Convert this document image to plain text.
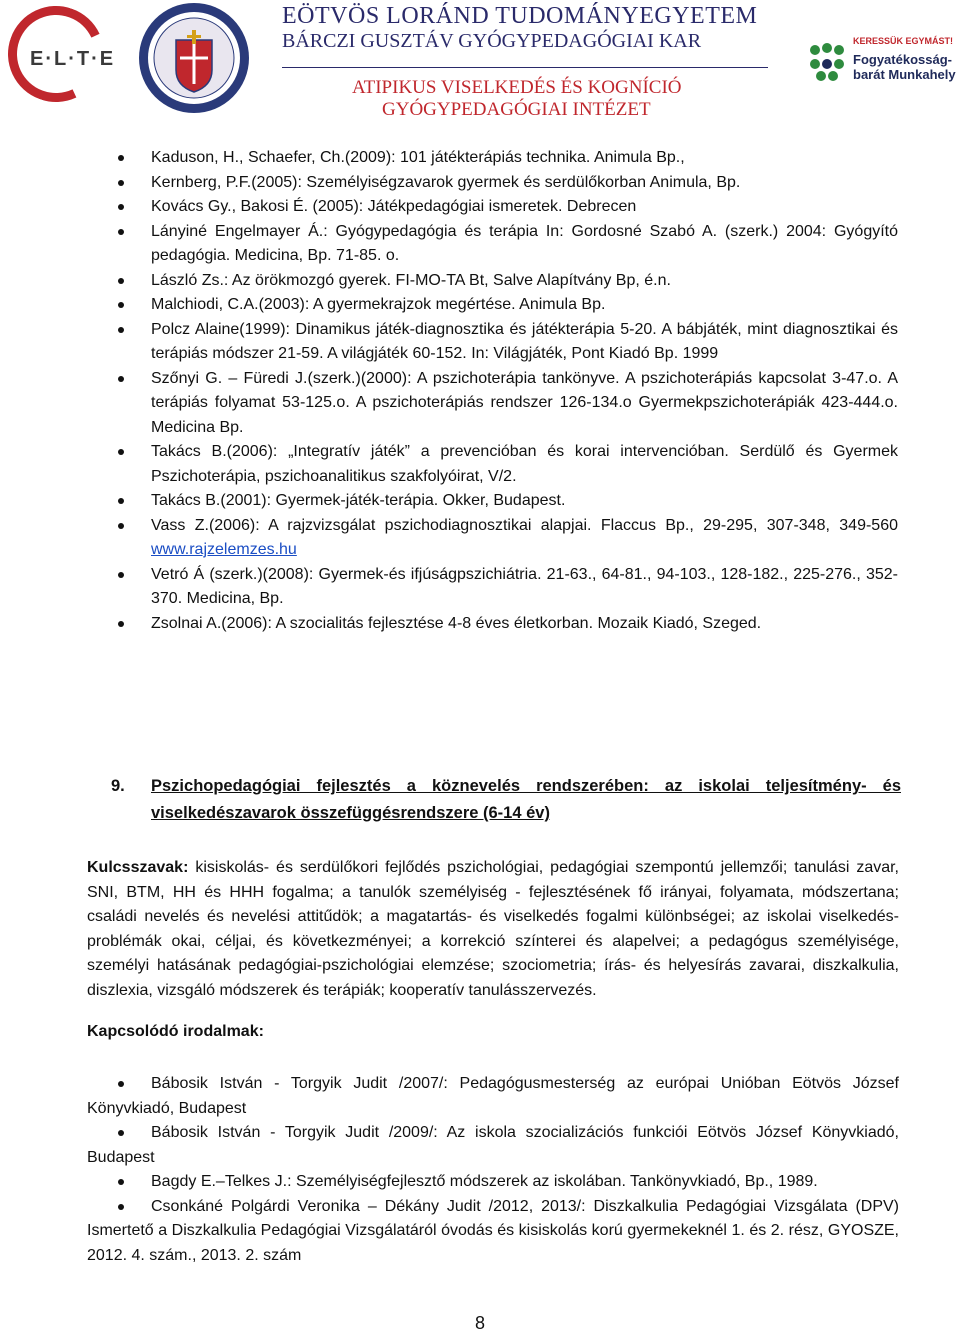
E·L·T·E
EÖTVÖS LORÁND TUDOMÁNYEGYETEM
BÁRCZI GUSZTÁV GYÓGYPEDAGÓGIAI KAR
ATIPIKUS VISELKEDÉS ÉS KOGNÍCIÓ
GYÓGYPEDAGÓGIAI INTÉZET
KERESSÜK EGYMÁST!
Fogyatékosság-barát Munkahely
Kaduson, H., Schaefer, Ch.(2009): 101 játékterápiás technika. Animula Bp.,
Kernberg, P.F.(2005): Személyiségzavarok gyermek és serdülőkorban Animula, Bp.
Kovács Gy., Bakosi É. (2005): Játékpedagógiai ismeretek. Debrecen
Lányiné Engelmayer Á.: Gyógypedagógia és terápia In: Gordosné Szabó A. (szerk.) 2004: Gyógyító pedagógia. Medicina, Bp. 71-85. o.
László Zs.: Az örökmozgó gyerek. FI-MO-TA Bt, Salve Alapítvány Bp, é.n.
Malchiodi, C.A.(2003): A gyermekrajzok megértése. Animula Bp.
Polcz Alaine(1999): Dinamikus játék-diagnosztika és játékterápia 5-20. A bábjáték, mint diagnosztikai és terápiás módszer 21-59. A világjáték 60-152. In: Világjáték, Pont Kiadó Bp. 1999
Szőnyi G. – Füredi J.(szerk.)(2000): A pszichoterápia tankönyve. A pszichoterápiás kapcsolat 3-47.o. A terápiás folyamat 53-125.o. A pszichoterápiás rendszer 126-134.o Gyermekpszichoterápiák 423-444.o. Medicina Bp.
Takács B.(2006): „Integratív játék” a prevencióban és korai intervencióban. Serdülő és Gyermek Pszichoterápia, pszichoanalitikus szakfolyóirat, V/2.
Takács B.(2001): Gyermek-játék-terápia. Okker, Budapest.
Vass Z.(2006): A rajzvizsgálat pszichodiagnosztikai alapjai. Flaccus Bp., 29-295, 307-348, 349-560 www.rajzelemzes.hu
Vetró Á (szerk.)(2008): Gyermek-és ifjúságpszichiátria. 21-63., 64-81., 94-103., 128-182., 225-276., 352-370. Medicina, Bp.
Zsolnai A.(2006): A szocialitás fejlesztése 4-8 éves életkorban. Mozaik Kiadó, Szeged.
9. Pszichopedagógiai fejlesztés a köznevelés rendszerében: az iskolai teljesítmény- és viselkedészavarok összefüggésrendszere (6-14 év)
Kulcsszavak: kisiskolás- és serdülőkori fejlődés pszichológiai, pedagógiai szempontú jellemzői; tanulási zavar, SNI, BTM, HH és HHH fogalma; a tanulók személyiség - fejlesztésének fő irányai, folyamata, módszertana; családi nevelés és nevelési attitűdök; a magatartás- és viselkedés fogalmi különbségei; az iskolai viselkedés-problémák okai, céljai, és következményei; a korrekció színterei és alapelvei; a pedagógus személyisége, személyi hatásának pedagógiai-pszichológiai elemzése; szociometria; írás- és helyesírás zavarai, diszkalkulia, diszlexia, vizsgáló módszerek és terápiák; kooperatív tanulásszervezés.
Kapcsolódó irodalmak:

Bábosik István - Torgyik Judit /2007/: Pedagógusmesterség az európai Unióban Eötvös József Könyvkiadó, Budapest

Bábosik István - Torgyik Judit /2009/: Az iskola szocializációs funkciói Eötvös József Könyvkiadó, Budapest

Bagdy E.–Telkes J.: Személyiségfejlesztő módszerek az iskolában. Tankönyvkiadó, Bp., 1989.

Csonkáné Polgárdi Veronika – Dékány Judit /2012, 2013/: Diszkalkulia Pedagógiai Vizsgálata (DPV) Ismertető a Diszkalkulia Pedagógiai Vizsgálatáról óvodás és kisiskolás korú gyermekeknél 1. és 2. rész, GYOSZE, 2012. 4. szám., 2013. 2. szám

8
